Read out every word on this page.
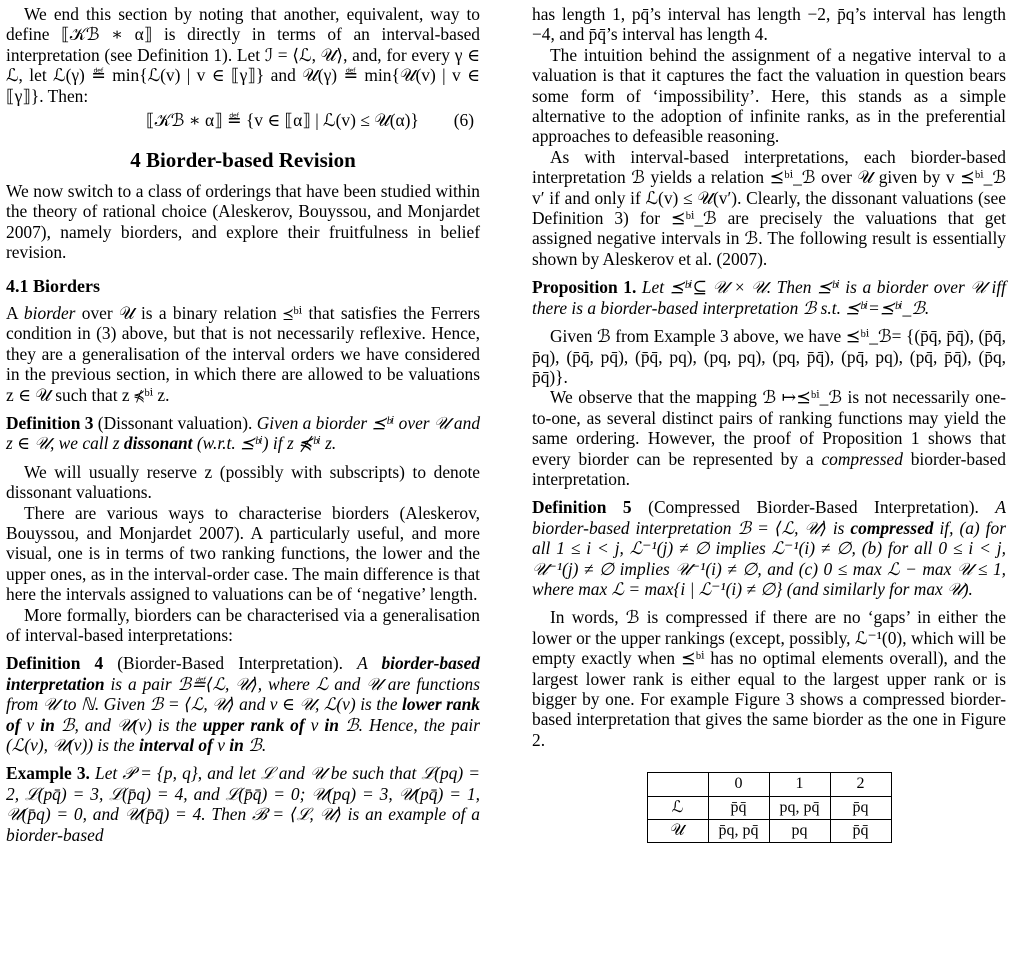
We end this section by noting that another, equivalent, way to define ⟦𝒦ℬ ∗ α⟧ is directly in terms of an interval-based interpretation (see Definition 1). Let ℐ = ⟨ℒ, 𝒰⟩, and, for every γ ∈ ℒ, let ℒ(γ) ≝ min{ℒ(v) | v ∈ ⟦γ⟧} and 𝒰(γ) ≝ min{𝒰(v) | v ∈ ⟦γ⟧}. Then:

⟦𝒦ℬ ∗ α⟧ ≝ {v ∈ ⟦α⟧ | ℒ(v) ≤ 𝒰(α)} (6)
4 Biorder-based Revision

We now switch to a class of orderings that have been studied within the theory of rational choice (Aleskerov, Bouyssou, and Monjardet 2007), namely biorders, and explore their fruitfulness in belief revision.

4.1 Biorders

A biorder over 𝒰 is a binary relation ⪯ᵇⁱ that satisfies the Ferrers condition in (3) above, but that is not necessarily reflexive. Hence, they are a generalisation of the interval orders we have considered in the previous section, in which there are allowed to be valuations z ∈ 𝒰 such that z ⋠ᵇⁱ z.

Definition 3 (Dissonant valuation). Given a biorder ⪯ᵇⁱ over 𝒰 and z ∈ 𝒰, we call z dissonant (w.r.t. ⪯ᵇⁱ) if z ⋠ᵇⁱ z.

We will usually reserve z (possibly with subscripts) to denote dissonant valuations.

There are various ways to characterise biorders (Aleskerov, Bouyssou, and Monjardet 2007). A particularly useful, and more visual, one is in terms of two ranking functions, the lower and the upper ones, as in the interval-order case. The main difference is that here the intervals assigned to valuations can be of ‘negative’ length.

More formally, biorders can be characterised via a generalisation of interval-based interpretations:

Definition 4 (Biorder-Based Interpretation). A biorder-based interpretation is a pair ℬ≝⟨ℒ, 𝒰⟩, where ℒ and 𝒰 are functions from 𝒰 to ℕ. Given ℬ = ⟨ℒ, 𝒰⟩ and v ∈ 𝒰, ℒ(v) is the lower rank of v in ℬ, and 𝒰(v) is the upper rank of v in ℬ. Hence, the pair (ℒ(v), 𝒰(v)) is the interval of v in ℬ.

Example 3. Let 𝒫 = {p, q}, and let ℒ and 𝒰 be such that ℒ(pq) = 2, ℒ(pq̄) = 3, ℒ(p̄q) = 4, and ℒ(p̄q̄) = 0; 𝒰(pq) = 3, 𝒰(pq̄) = 1, 𝒰(p̄q) = 0, and 𝒰(p̄q̄) = 4. Then ℬ = ⟨ℒ, 𝒰⟩ is an example of a biorder-based

has length 1, pq̄’s interval has length −2, p̄q’s interval has length −4, and p̄q̄’s interval has length 4.

The intuition behind the assignment of a negative interval to a valuation is that it captures the fact the valuation in question bears some form of ‘impossibility’. Here, this stands as a simple alternative to the adoption of infinite ranks, as in the preferential approaches to defeasible reasoning.

As with interval-based interpretations, each biorder-based interpretation ℬ yields a relation ⪯ᵇⁱ_ℬ over 𝒰 given by v ⪯ᵇⁱ_ℬ v′ if and only if ℒ(v) ≤ 𝒰(v′). Clearly, the dissonant valuations (see Definition 3) for ⪯ᵇⁱ_ℬ are precisely the valuations that get assigned negative intervals in ℬ. The following result is essentially shown by Aleskerov et al. (2007).

Proposition 1. Let ⪯ᵇⁱ⊆ 𝒰 × 𝒰. Then ⪯ᵇⁱ is a biorder over 𝒰 iff there is a biorder-based interpretation ℬ s.t. ⪯ᵇⁱ=⪯ᵇⁱ_ℬ.

Given ℬ from Example 3 above, we have ⪯ᵇⁱ_ℬ= {(p̄q̄, p̄q̄), (p̄q̄, p̄q), (p̄q̄, pq̄), (p̄q̄, pq), (pq, pq), (pq, p̄q̄), (pq̄, pq), (pq̄, p̄q̄), (p̄q, p̄q̄)}.

We observe that the mapping ℬ ↦⪯ᵇⁱ_ℬ is not necessarily one-to-one, as several distinct pairs of ranking functions may yield the same ordering. However, the proof of Proposition 1 shows that every biorder can be represented by a compressed biorder-based interpretation.

Definition 5 (Compressed Biorder-Based Interpretation). A biorder-based interpretation ℬ = ⟨ℒ, 𝒰⟩ is compressed if, (a) for all 1 ≤ i < j, ℒ⁻¹(j) ≠ ∅ implies ℒ⁻¹(i) ≠ ∅, (b) for all 0 ≤ i < j, 𝒰⁻¹(j) ≠ ∅ implies 𝒰⁻¹(i) ≠ ∅, and (c) 0 ≤ max ℒ − max 𝒰 ≤ 1, where max ℒ = max{i | ℒ⁻¹(i) ≠ ∅} (and similarly for max 𝒰).

In words, ℬ is compressed if there are no ‘gaps’ in either the lower or the upper rankings (except, possibly, ℒ⁻¹(0), which will be empty exactly when ⪯ᵇⁱ has no optimal elements overall), and the largest lower rank is either equal to the largest upper rank or is bigger by one. For example Figure 3 shows a compressed biorder-based interpretation that gives the same biorder as the one in Figure 2.

	0	1	2
ℒ	p̄q̄	pq, pq̄	p̄q
𝒰	p̄q, pq̄	pq	p̄q̄
